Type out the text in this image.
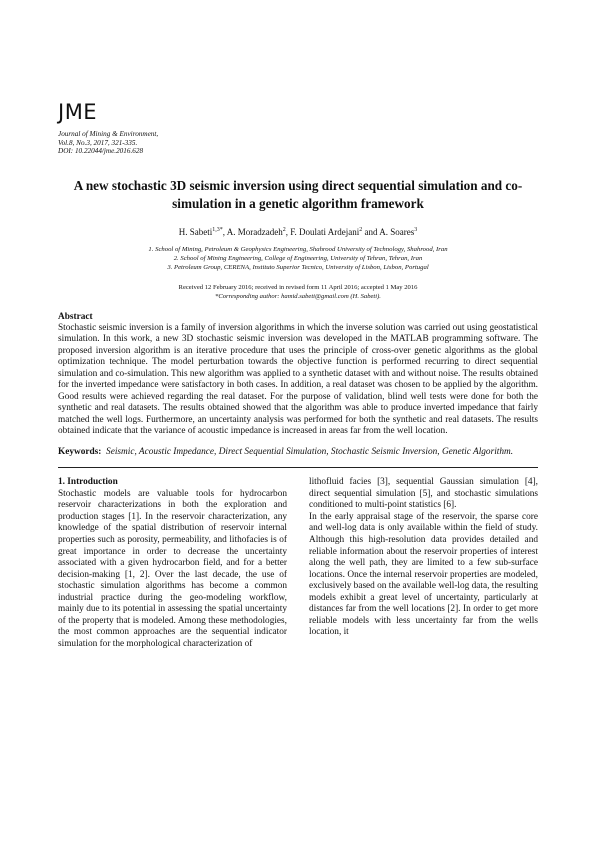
JME
Journal of Mining & Environment,
Vol.8, No.3, 2017, 321-335.
DOI: 10.22044/jme.2016.628
A new stochastic 3D seismic inversion using direct sequential simulation and co-simulation in a genetic algorithm framework
H. Sabeti$^{1,3*}$, A. Moradzadeh$^2$, F. Doulati Ardejani$^2$ and A. Soares$^3$
1. School of Mining, Petroleum & Geophysics Engineering, Shahrood University of Technology, Shahrood, Iran
2. School of Mining Engineering, College of Engineering, University of Tehran, Tehran, Iran
3. Petroleum Group, CERENA, Instituto Superior Tecnico, University of Lisbon, Lisbon, Portugal
Received 12 February 2016; received in revised form 11 April 2016; accepted 1 May 2016
*Corresponding author: hamid.sabeti@gmail.com (H. Sabeti).
Abstract
Stochastic seismic inversion is a family of inversion algorithms in which the inverse solution was carried out using geostatistical simulation. In this work, a new 3D stochastic seismic inversion was developed in the MATLAB programming software. The proposed inversion algorithm is an iterative procedure that uses the principle of cross-over genetic algorithms as the global optimization technique. The model perturbation towards the objective function is performed recurring to direct sequential simulation and co-simulation. This new algorithm was applied to a synthetic dataset with and without noise. The results obtained for the inverted impedance were satisfactory in both cases. In addition, a real dataset was chosen to be applied by the algorithm. Good results were achieved regarding the real dataset. For the purpose of validation, blind well tests were done for both the synthetic and real datasets. The results obtained showed that the algorithm was able to produce inverted impedance that fairly matched the well logs. Furthermore, an uncertainty analysis was performed for both the synthetic and real datasets. The results obtained indicate that the variance of acoustic impedance is increased in areas far from the well location.
Keywords: Seismic, Acoustic Impedance, Direct Sequential Simulation, Stochastic Seismic Inversion, Genetic Algorithm.
1. Introduction
Stochastic models are valuable tools for hydrocarbon reservoir characterizations in both the exploration and production stages [1]. In the reservoir characterization, any knowledge of the spatial distribution of reservoir internal properties such as porosity, permeability, and lithofacies is of great importance in order to decrease the uncertainty associated with a given hydrocarbon field, and for a better decision-making [1, 2]. Over the last decade, the use of stochastic simulation algorithms has become a common industrial practice during the geo-modeling workflow, mainly due to its potential in assessing the spatial uncertainty of the property that is modeled. Among these methodologies, the most common approaches are the sequential indicator simulation for the morphological characterization of
lithofluid facies [3], sequential Gaussian simulation [4], direct sequential simulation [5], and stochastic simulations conditioned to multi-point statistics [6].
In the early appraisal stage of the reservoir, the sparse core and well-log data is only available within the field of study. Although this high-resolution data provides detailed and reliable information about the reservoir properties of interest along the well path, they are limited to a few sub-surface locations. Once the internal reservoir properties are modeled, exclusively based on the available well-log data, the resulting models exhibit a great level of uncertainty, particularly at distances far from the well locations [2]. In order to get more reliable models with less uncertainty far from the wells location, it
